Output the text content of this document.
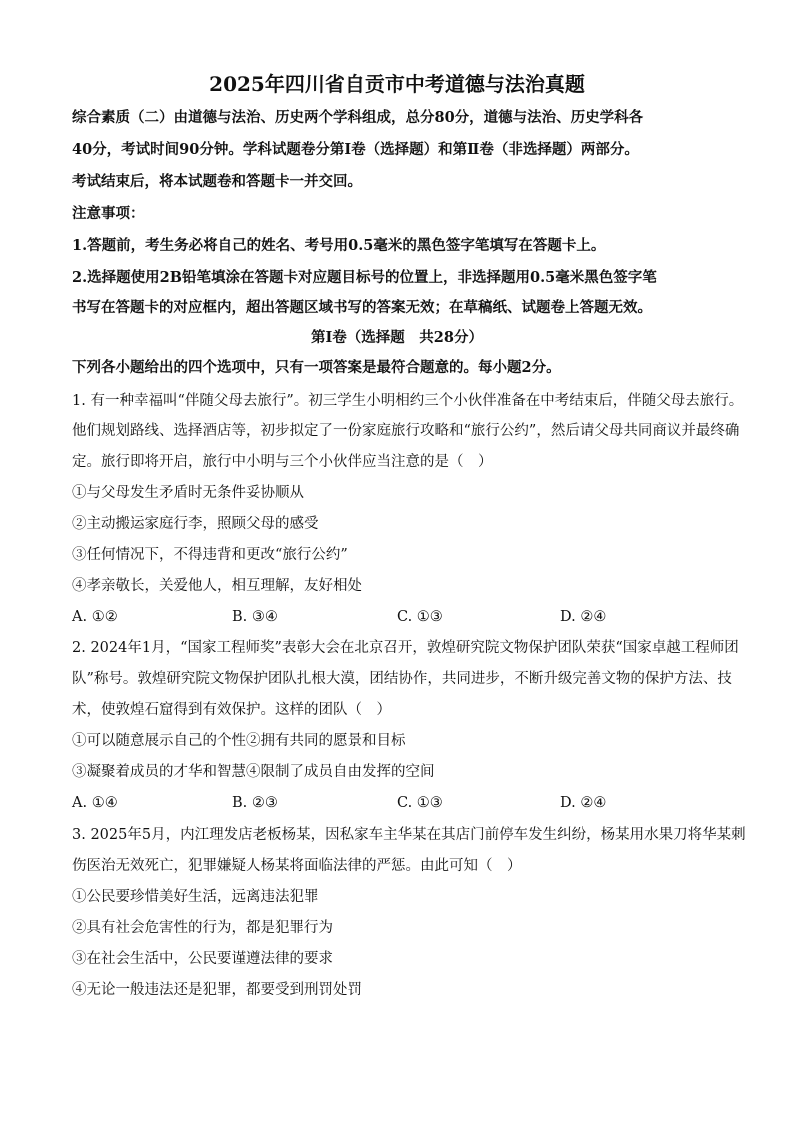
2025年四川省自贡市中考道德与法治真题
综合素质（二）由道德与法治、历史两个学科组成，总分80分，道德与法治、历史学科各
40分，考试时间90分钟。学科试题卷分第Ⅰ卷（选择题）和第Ⅱ卷（非选择题）两部分。
考试结束后，将本试题卷和答题卡一并交回。
注意事项：
1.答题前，考生务必将自己的姓名、考号用0.5毫米的黑色签字笔填写在答题卡上。
2.选择题使用2B铅笔填涂在答题卡对应题目标号的位置上，非选择题用0.5毫米黑色签字笔
书写在答题卡的对应框内，超出答题区域书写的答案无效；在草稿纸、试题卷上答题无效。
第Ⅰ卷（选择题　共28分）
下列各小题给出的四个选项中，只有一项答案是最符合题意的。每小题2分。
1. 有一种幸福叫“伴随父母去旅行”。初三学生小明相约三个小伙伴准备在中考结束后，伴随父母去旅行。
他们规划路线、选择酒店等，初步拟定了一份家庭旅行攻略和“旅行公约”，然后请父母共同商议并最终确
定。旅行即将开启，旅行中小明与三个小伙伴应当注意的是（　）
①与父母发生矛盾时无条件妥协顺从
②主动搬运家庭行李，照顾父母的感受
③任何情况下，不得违背和更改“旅行公约”
④孝亲敬长，关爱他人，相互理解，友好相处
A. ①②	B. ③④	C. ①③	D. ②④
2. 2024年1月，“国家工程师奖”表彰大会在北京召开，敦煌研究院文物保护团队荣获“国家卓越工程师团
队”称号。敦煌研究院文物保护团队扎根大漠，团结协作，共同进步，不断升级完善文物的保护方法、技
术，使敦煌石窟得到有效保护。这样的团队（　）
①可以随意展示自己的个性②拥有共同的愿景和目标
③凝聚着成员的才华和智慧④限制了成员自由发挥的空间
A. ①④	B. ②③	C. ①③	D. ②④
3. 2025年5月，内江理发店老板杨某，因私家车主华某在其店门前停车发生纠纷，杨某用水果刀将华某刺
伤医治无效死亡，犯罪嫌疑人杨某将面临法律的严惩。由此可知（　）
①公民要珍惜美好生活，远离违法犯罪
②具有社会危害性的行为，都是犯罪行为
③在社会生活中，公民要谨遵法律的要求
④无论一般违法还是犯罪，都要受到刑罚处罚
